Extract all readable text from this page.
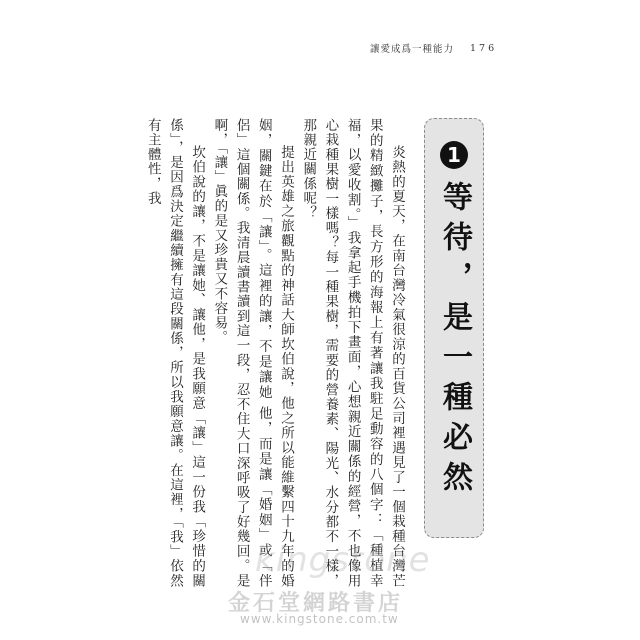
讓愛成爲一種能力 176
1
等待，是一種必然

炎熱的夏天，在南台灣冷氣很涼的百貨公司裡遇見了一個栽種台灣芒果的精緻攤子，長方形的海報上有著讓我駐足動容的八個字：「種植幸福，以愛收割。」我拿起手機拍下畫面，心想親近關係的經營，不也像用心栽種果樹一樣嗎？每一種果樹，需要的營養素、陽光、水分都不一樣，那親近關係呢？

提出英雄之旅觀點的神話大師坎伯說，他之所以能維繫四十九年的婚姻，關鍵在於「讓」。這裡的讓，不是讓她 他，而是讓「婚姻」或「伴侶」這個關係。我清晨讀書讀到這一段，忍不住大口深呼吸了好幾回。是啊，「讓」眞的是又珍貴又不容易。

坎伯說的讓，不是讓她、讓他，是我願意「讓」這一份我「珍惜的關係」，是因爲決定繼續擁有這段關係，所以我願意讓。在這裡，「我」依然有主體性，我

kingstone
金石堂網路書店
www.kingstone.com.tw
